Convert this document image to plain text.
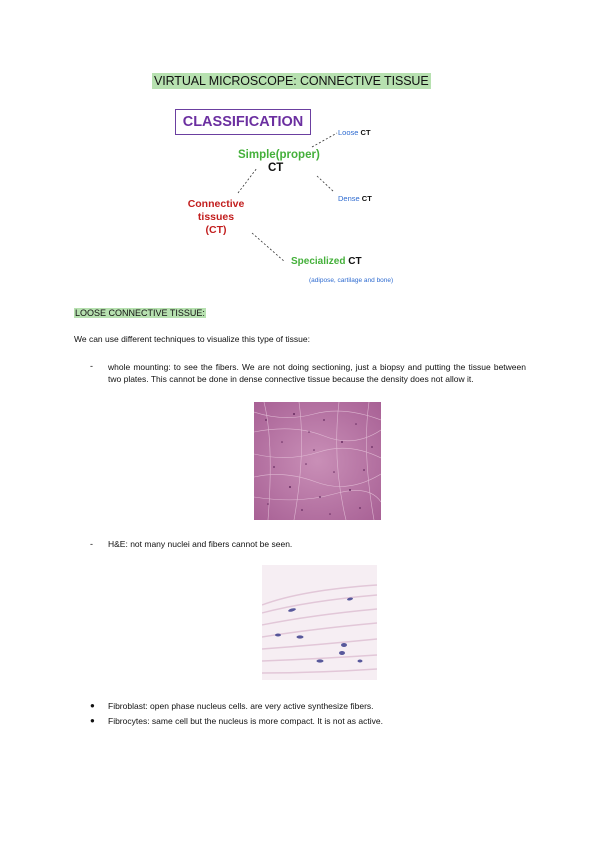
VIRTUAL MICROSCOPE: CONNECTIVE TISSUE
CLASSIFICATION
Simple(proper)
CT
Loose CT
Dense CT
Connective
tissues
(CT)
Specialized CT
(adipose, cartilage and bone)
LOOSE CONNECTIVE TISSUE:
We can use different techniques to visualize this type of tissue:
- whole mounting: to see the fibers. We are not doing sectioning, just a biopsy and putting the tissue between two plates. This cannot be done in dense connective tissue because the density does not allow it.
- H&E: not many nuclei and fibers cannot be seen.
● Fibroblast: open phase nucleus cells. are very active synthesize fibers.
● Fibrocytes: same cell but the nucleus is more compact. It is not as active.
